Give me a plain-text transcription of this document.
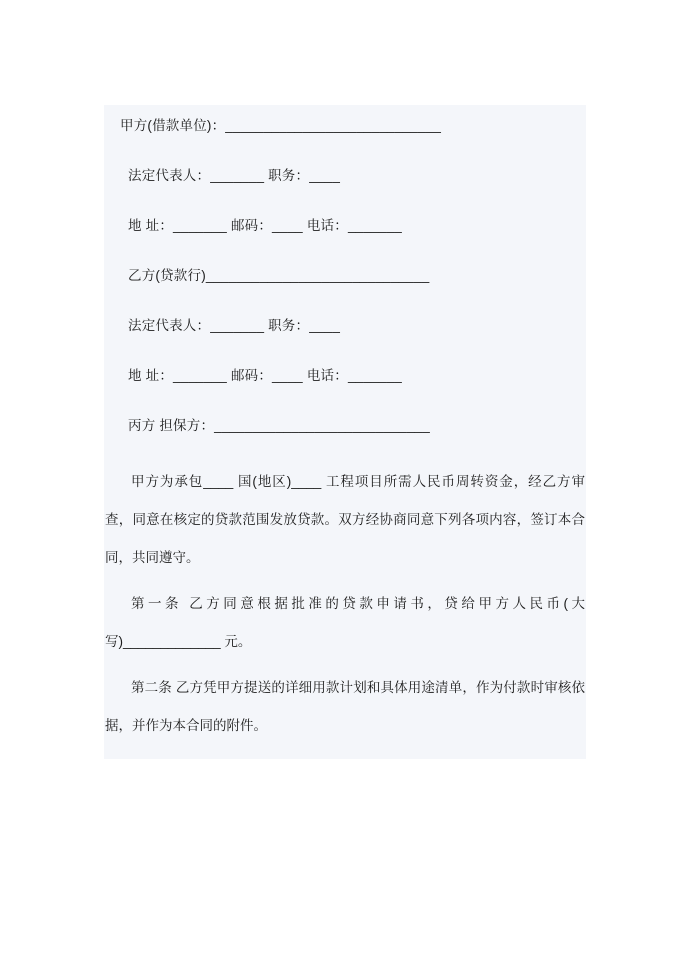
甲方(借款单位)：____________________________
法定代表人：_______ 职务：____
地 址：_______ 邮码：____ 电话：_______
乙方(贷款行)_____________________________
法定代表人：_______ 职务：____
地 址：_______ 邮码：____ 电话：_______
丙方 担保方：____________________________

甲方为承包____ 国(地区)____ 工程项目所需人民币周转资金，经乙方审查，同意在核定的贷款范围发放贷款。双方经协商同意下列各项内容，签订本合同，共同遵守。

第一条 乙方同意根据批准的贷款申请书，贷给甲方人民币(大写)_____________ 元。

第二条 乙方凭甲方提送的详细用款计划和具体用途清单，作为付款时审核依据，并作为本合同的附件。
